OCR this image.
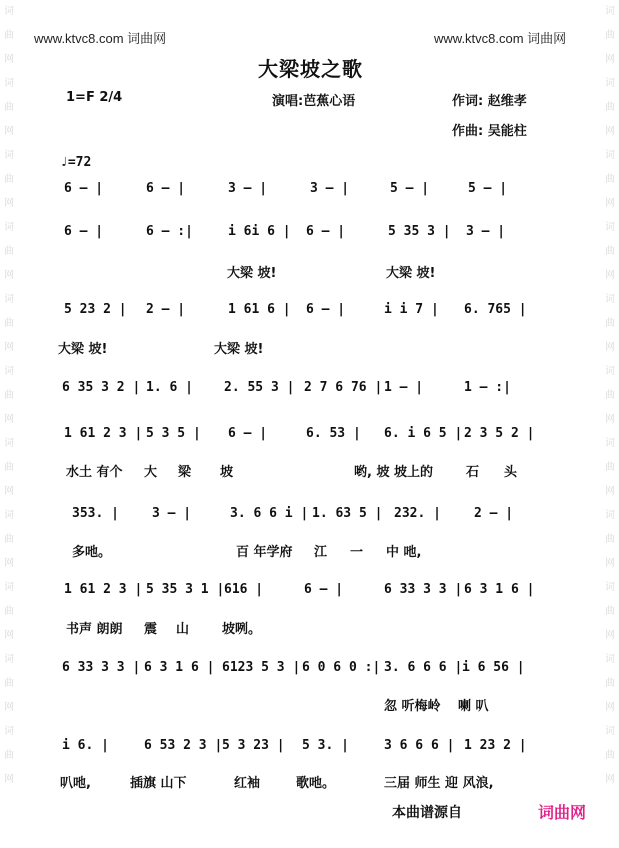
词曲网词曲网词曲网词曲网词曲网词曲网词曲网词曲网词曲网词曲网词曲网
词曲网词曲网词曲网词曲网词曲网词曲网词曲网词曲网词曲网词曲网词曲网
www.ktvc8.com 词曲网	www.ktvc8.com 词曲网
大梁坡之歌
1=F 2/4	演唱:芭蕉心语	作词: 赵维孝
作曲: 吴能柱
♩=72
6 – |	6 – |	3 – |	3 – |	5 – |	5 – |
6 – |	6 – :|	i 6i 6 | 6 – |	5 35 3 | 3 – |
大梁 坡!	大梁 坡!
5 23 2 | 2 – |	1 61 6 | 6 – |	i i 7 | 6. 765 |
大梁 坡!	大梁 坡!
6 35 3 2 | 1. 6 | 2. 55 3 | 2 7 6 76 | 1 – |	1 – :|
1 61 2 3 | 5 3 5 | 6 – |	6. 53 | 6. i 6 5 | 2 3 5 2 |
水土 有个 大 梁 坡	哟, 坡 坡上的	石 头
353. |	3 – |	3. 6 6 i | 1. 63 5 | 232. |	2 – |
多吔。	百 年学府 江 一 中 吔,
1 61 2 3 | 5 35 3 1 | 616 |	6 – |	6 33 3 3 | 6 3 1 6 |
书声 朗朗 震 山	坡咧。
6 33 3 3 | 6 3 1 6 | 6123 5 3 | 6 0 6 0 :| 3. 6 6 6 | i 6 56 |
忽 听梅岭 喇 叭
i 6. |	6 53 2 3 | 5 3 23 | 5 3. |	3 6 6 6 | 1 23 2 |
叭吔,	插旗 山下	红袖	歌吔。	三届 师生 迎 风浪,
本曲谱源自	词曲网
